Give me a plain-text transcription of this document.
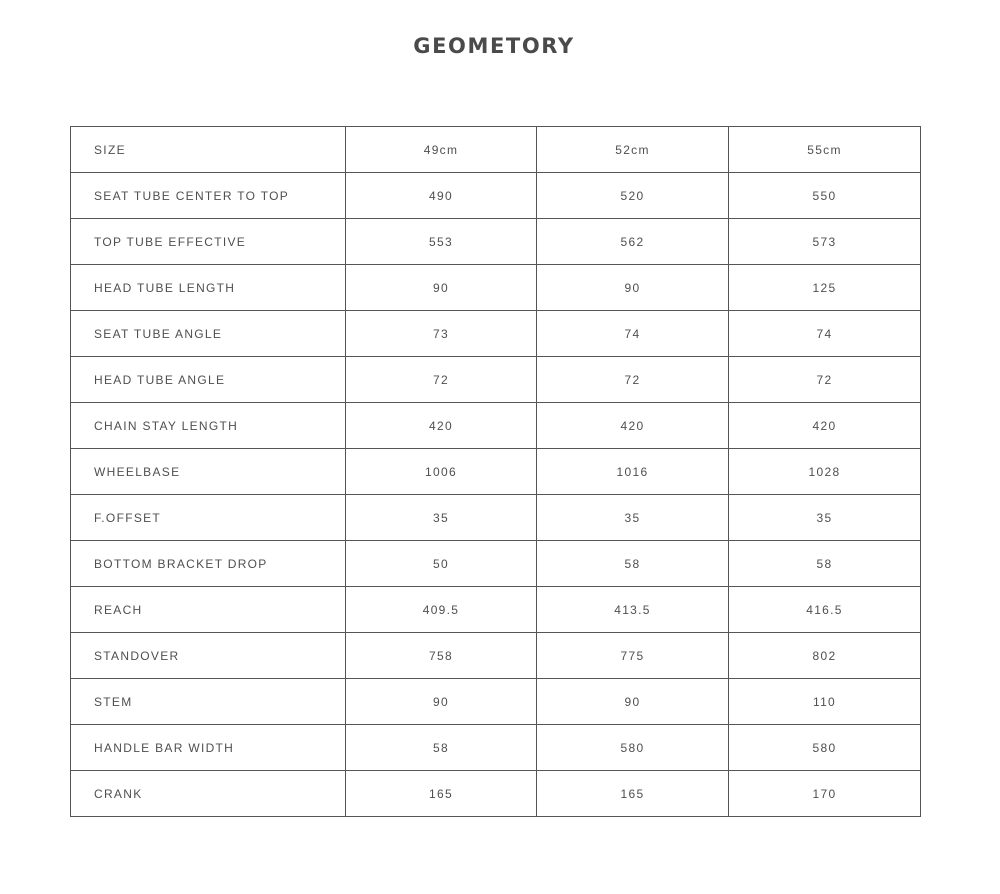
GEOMETORY
SIZE	49cm	52cm	55cm
SEAT TUBE CENTER TO TOP	490	520	550
TOP TUBE EFFECTIVE	553	562	573
HEAD TUBE LENGTH	90	90	125
SEAT TUBE ANGLE	73	74	74
HEAD TUBE ANGLE	72	72	72
CHAIN STAY LENGTH	420	420	420
WHEELBASE	1006	1016	1028
F.OFFSET	35	35	35
BOTTOM BRACKET DROP	50	58	58
REACH	409.5	413.5	416.5
STANDOVER	758	775	802
STEM	90	90	110
HANDLE BAR WIDTH	58	580	580
CRANK	165	165	170
